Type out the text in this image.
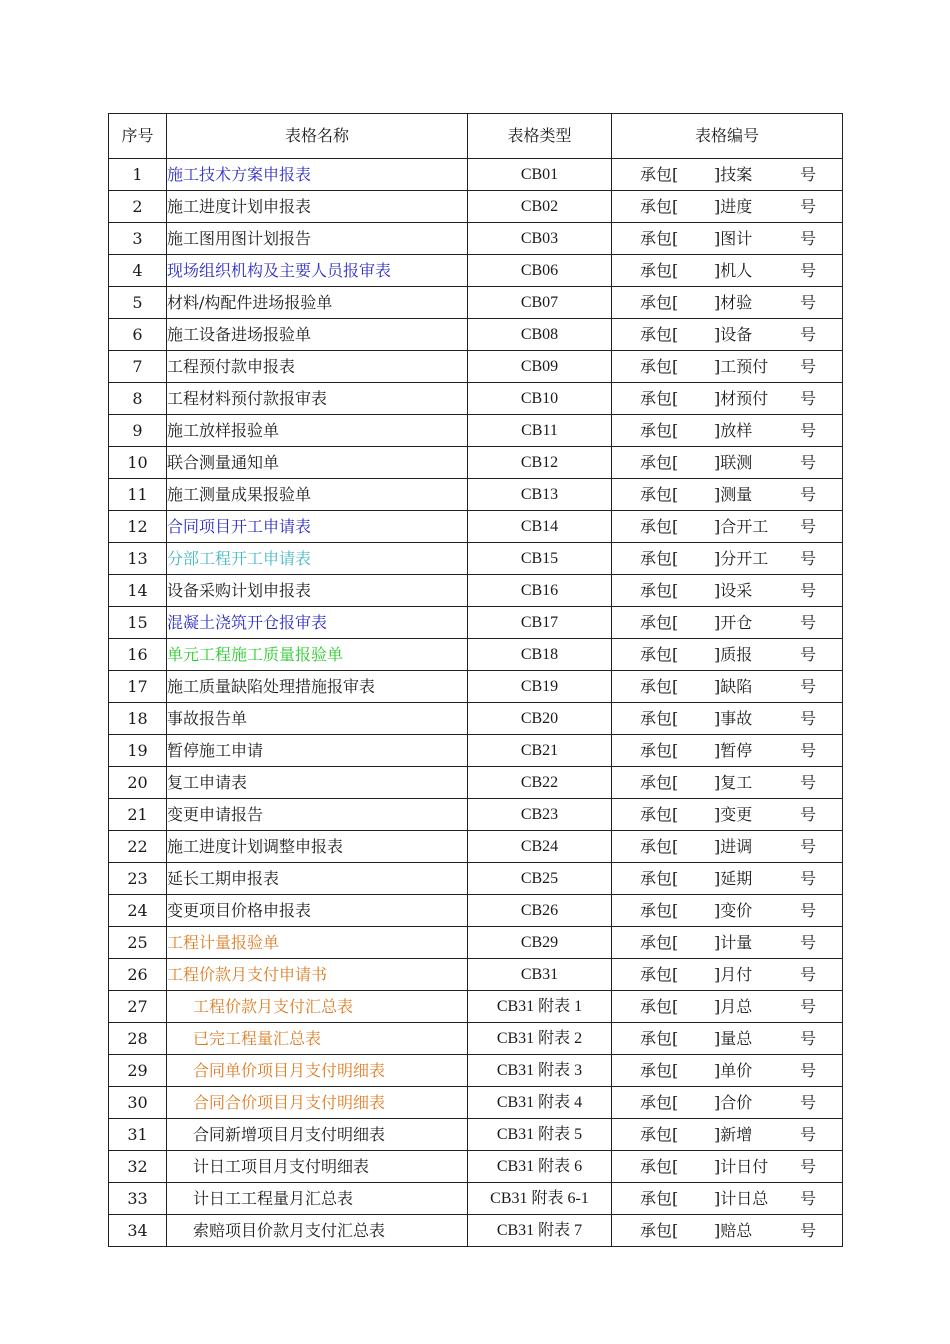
序号	表格名称	表格类型	表格编号
1	施工技术方案申报表	CB01	承包[ ]技案 号

2	施工进度计划申报表	CB02	承包[ ]进度 号

3	施工图用图计划报告	CB03	承包[ ]图计 号

4	现场组织机构及主要人员报审表	CB06	承包[ ]机人 号

5	材料/构配件进场报验单	CB07	承包[ ]材验 号

6	施工设备进场报验单	CB08	承包[ ]设备 号

7	工程预付款申报表	CB09	承包[ ]工预付 号

8	工程材料预付款报审表	CB10	承包[ ]材预付 号

9	施工放样报验单	CB11	承包[ ]放样 号

10	联合测量通知单	CB12	承包[ ]联测 号

11	施工测量成果报验单	CB13	承包[ ]测量 号

12	合同项目开工申请表	CB14	承包[ ]合开工 号

13	分部工程开工申请表	CB15	承包[ ]分开工 号

14	设备采购计划申报表	CB16	承包[ ]设采 号

15	混凝土浇筑开仓报审表	CB17	承包[ ]开仓 号

16	单元工程施工质量报验单	CB18	承包[ ]质报 号

17	施工质量缺陷处理措施报审表	CB19	承包[ ]缺陷 号

18	事故报告单	CB20	承包[ ]事故 号

19	暂停施工申请	CB21	承包[ ]暂停 号

20	复工申请表	CB22	承包[ ]复工 号

21	变更申请报告	CB23	承包[ ]变更 号

22	施工进度计划调整申报表	CB24	承包[ ]进调 号

23	延长工期申报表	CB25	承包[ ]延期 号

24	变更项目价格申报表	CB26	承包[ ]变价 号

25	工程计量报验单	CB29	承包[ ]计量 号

26	工程价款月支付申请书	CB31	承包[ ]月付 号

27	工程价款月支付汇总表	CB31 附表 1	承包[ ]月总 号

28	已完工程量汇总表	CB31 附表 2	承包[ ]量总 号

29	合同单价项目月支付明细表	CB31 附表 3	承包[ ]单价 号

30	合同合价项目月支付明细表	CB31 附表 4	承包[ ]合价 号

31	合同新增项目月支付明细表	CB31 附表 5	承包[ ]新增 号

32	计日工项目月支付明细表	CB31 附表 6	承包[ ]计日付 号

33	计日工工程量月汇总表	CB31 附表 6-1	承包[ ]计日总 号

34	索赔项目价款月支付汇总表	CB31 附表 7	承包[ ]赔总 号
